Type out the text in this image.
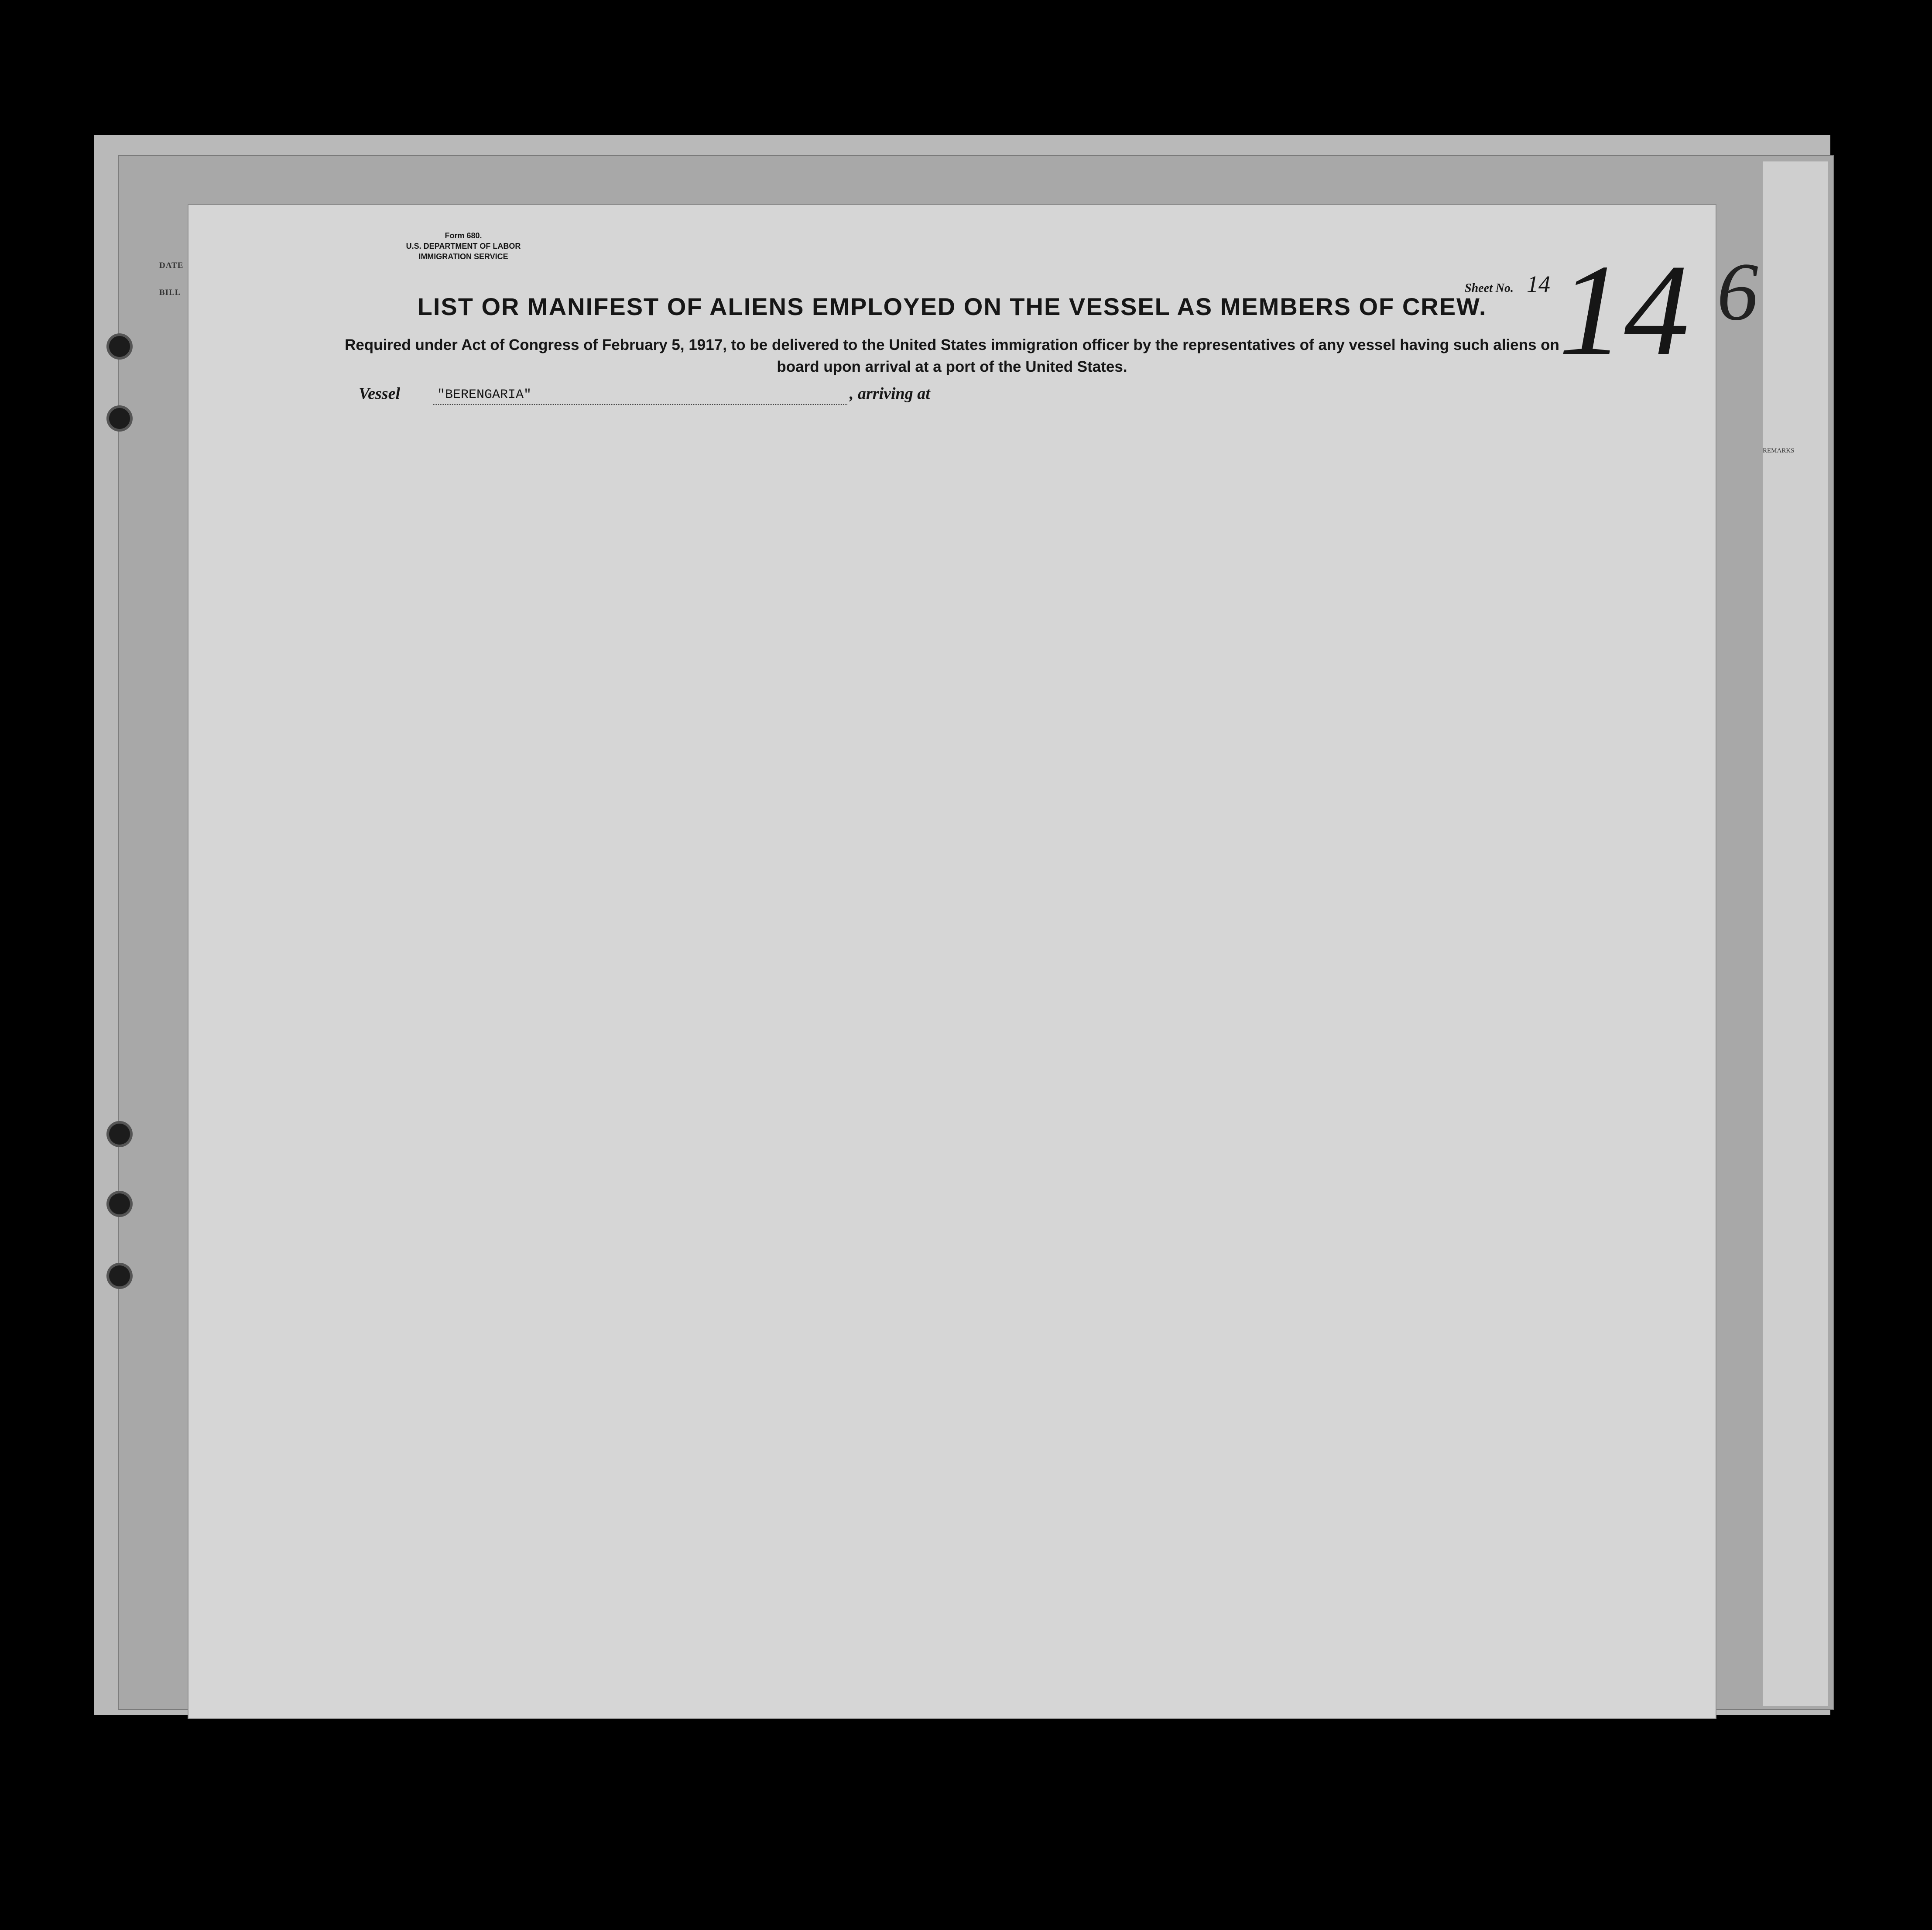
6
REMARKS
DATE
BILL
Form 680.
U.S. DEPARTMENT OF LABOR
IMMIGRATION SERVICE
Sheet No. 14 14
LIST OR MANIFEST OF ALIENS EMPLOYED ON THE VESSEL AS MEMBERS OF CREW.
Required under Act of Congress of February 5, 1917, to be delivered to the United States immigration officer by the representatives of any vessel having such aliens on board upon arrival at a port of the United States.
Vessel	"BERENGARIA"	, arriving at
